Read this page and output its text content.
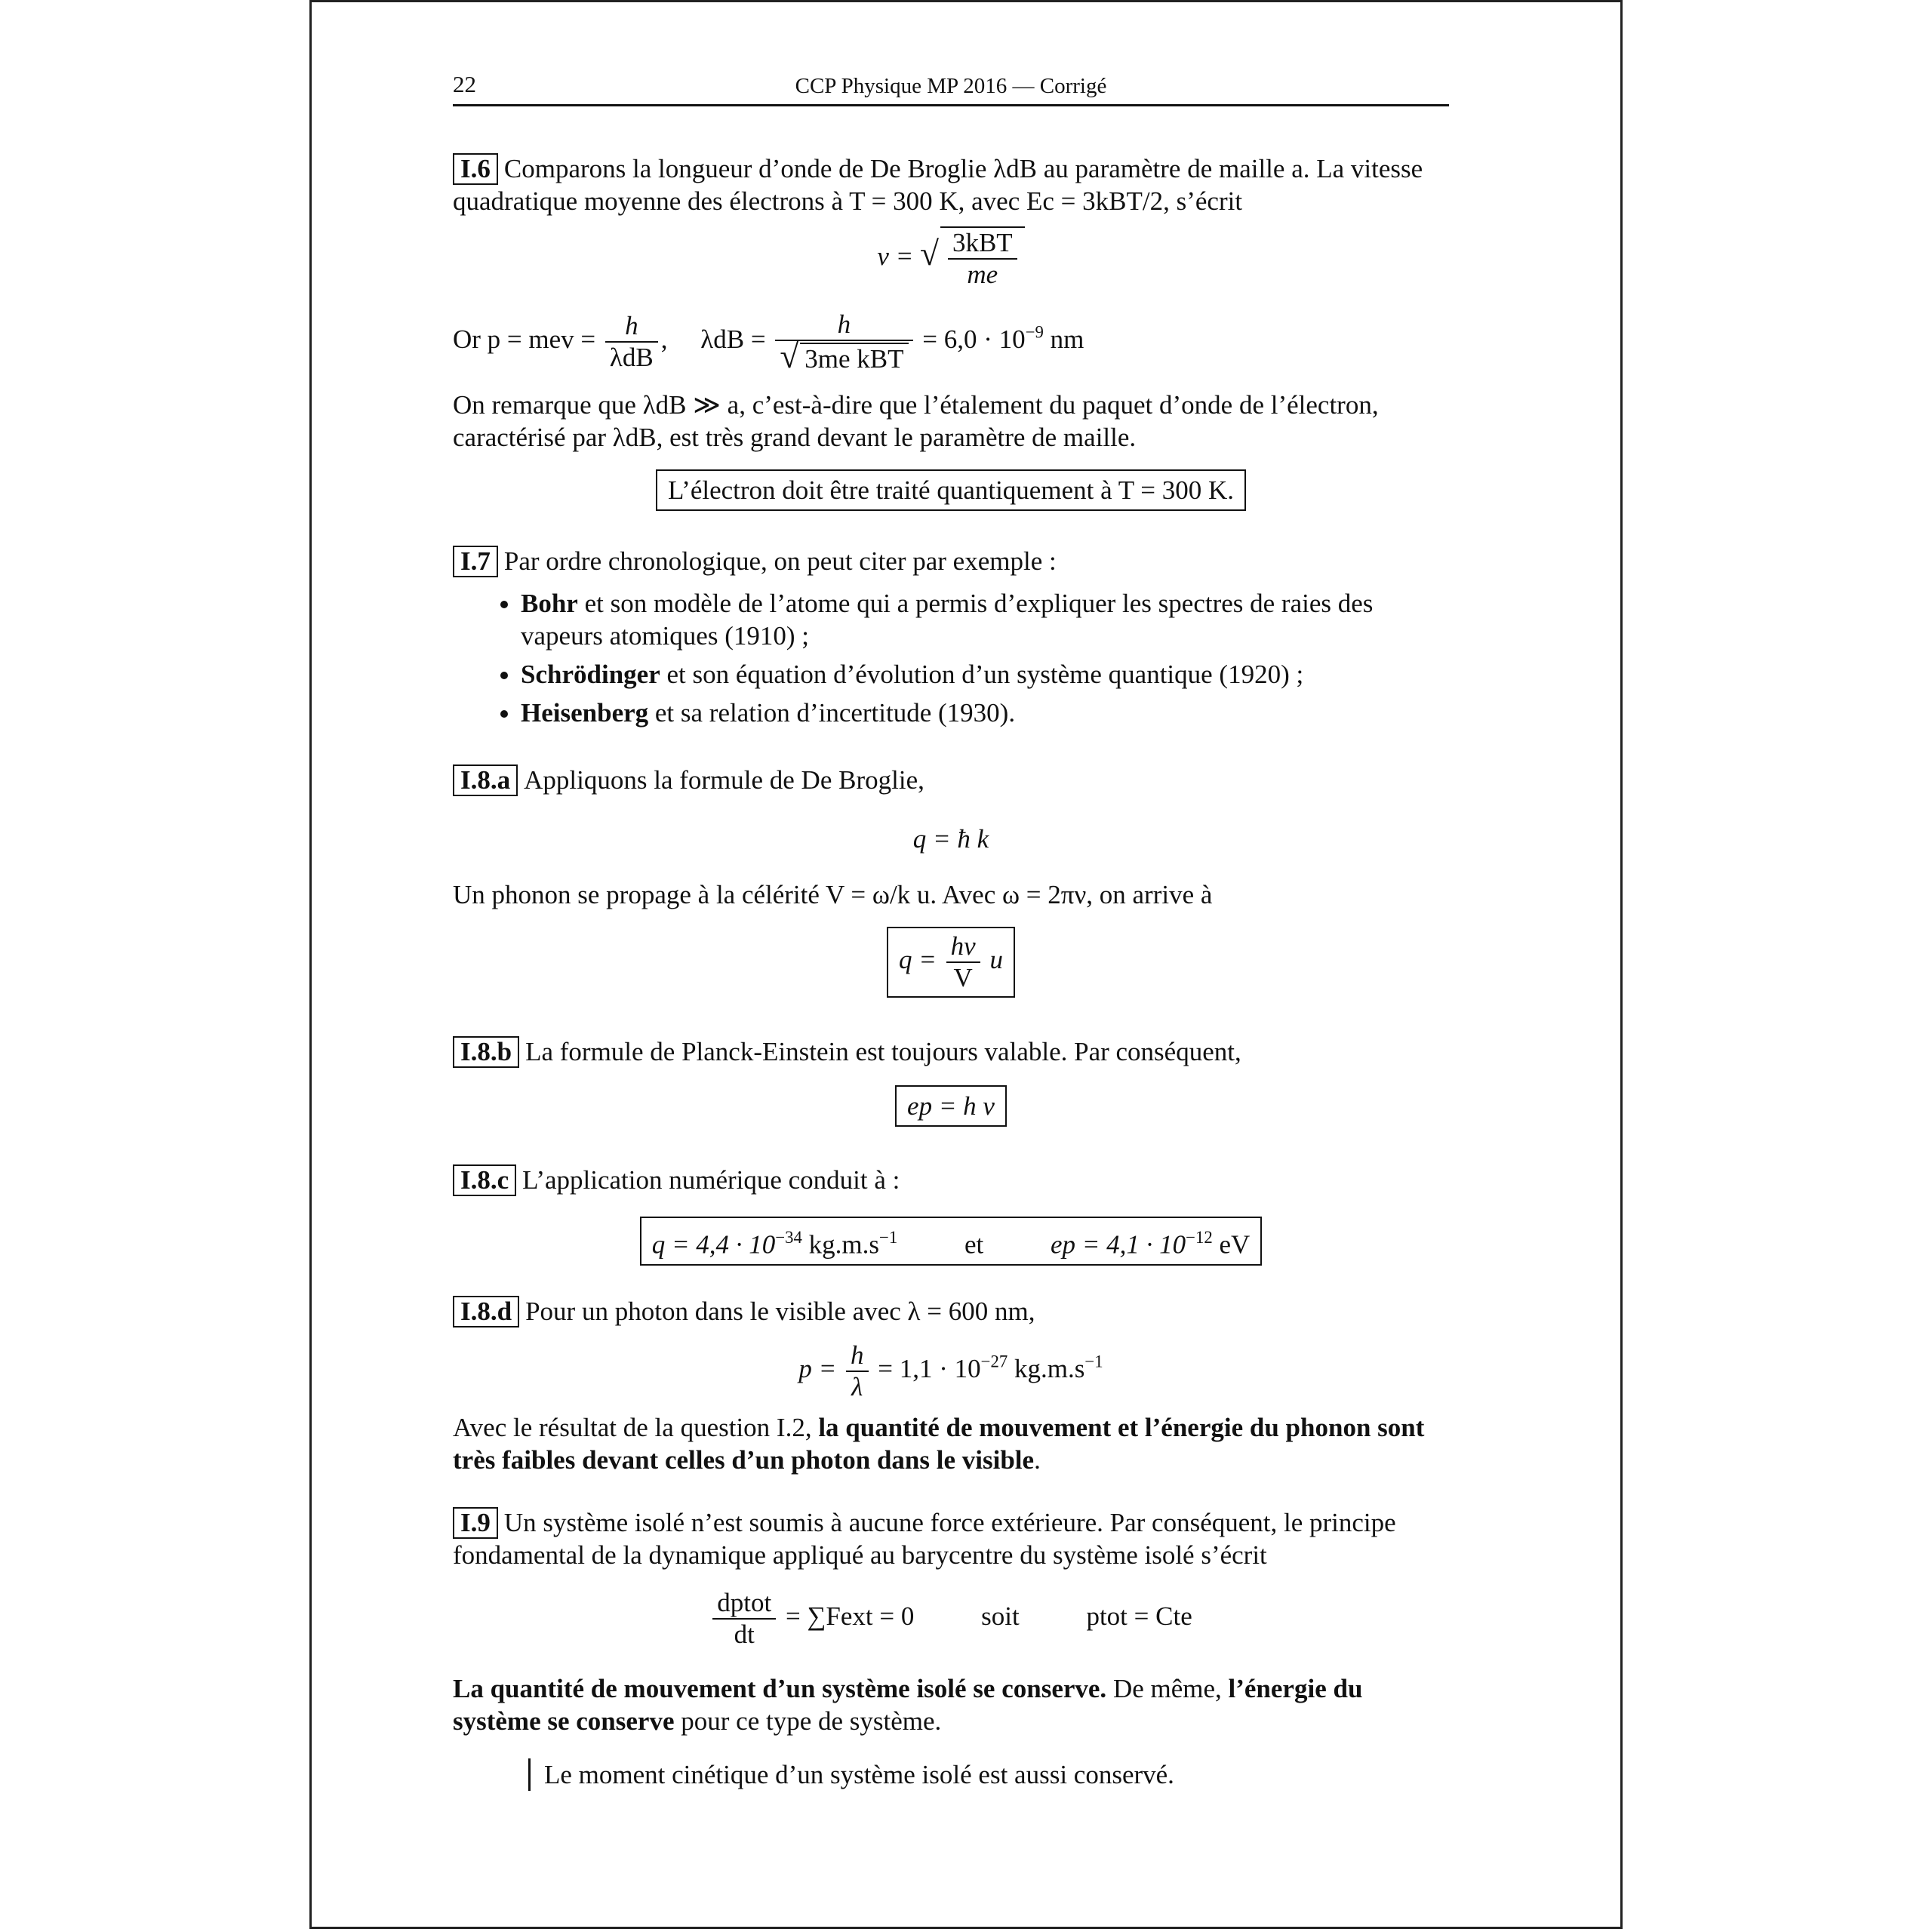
22	CCP Physique MP 2016 — Corrigé
I.6 Comparons la longueur d’onde de De Broglie λdB au paramètre de maille a. La vitesse quadratique moyenne des électrons à T = 300 K, avec Ec = 3kBT/2, s’écrit
v = √ $\frac{\text{3kBT}}{me}$
Or p = mev = $\frac{h}{\text{λdB}}$ ,     $\lambda dB = \frac{h}{\text{√ 3me kBT}} = 6,0 \cdot 10^{-9}$ nm
On remarque que λdB ≫ a, c’est-à-dire que l’étalement du paquet d’onde de l’électron, caractérisé par λdB, est très grand devant le paramètre de maille.
L’électron doit être traité quantiquement à T = 300 K.
I.7 Par ordre chronologique, on peut citer par exemple :
• Bohr et son modèle de l’atome qui a permis d’expliquer les spectres de raies des vapeurs atomiques (1910) ;
• Schrödinger et son équation d’évolution d’un système quantique (1920) ;
• Heisenberg et sa relation d’incertitude (1930).
I.8.a Appliquons la formule de De Broglie,
q = ħ k
Un phonon se propage à la célérité V = ω/k u. Avec ω = 2πν, on arrive à
$q = \frac{h\nu}{V}$ u
I.8.b La formule de Planck-Einstein est toujours valable. Par conséquent,
ep = h ν
I.8.c L’application numérique conduit à :
$q = 4,4 \cdot 10^{-34}$ $kg.m.s^{-1}$	et	ep = $4,1 \cdot 10^{-12}$ eV
I.8.d Pour un photon dans le visible avec λ = 600 nm,
$p = \frac{h}{\lambda} = 1,1 \cdot 10^{-27}$ $kg.m.s^{-1}$
Avec le résultat de la question I.2, la quantité de mouvement et l’énergie du phonon sont très faibles devant celles d’un photon dans le visible.
I.9 Un système isolé n’est soumis à aucune force extérieure. Par conséquent, le principe fondamental de la dynamique appliqué au barycentre du système isolé s’écrit
$\frac{\text{dptot}}{dt}$ = ∑Fext = 0	soit	ptot = Cte
La quantité de mouvement d’un système isolé se conserve. De même, l’énergie du système se conserve pour ce type de système.
Le moment cinétique d’un système isolé est aussi conservé.
